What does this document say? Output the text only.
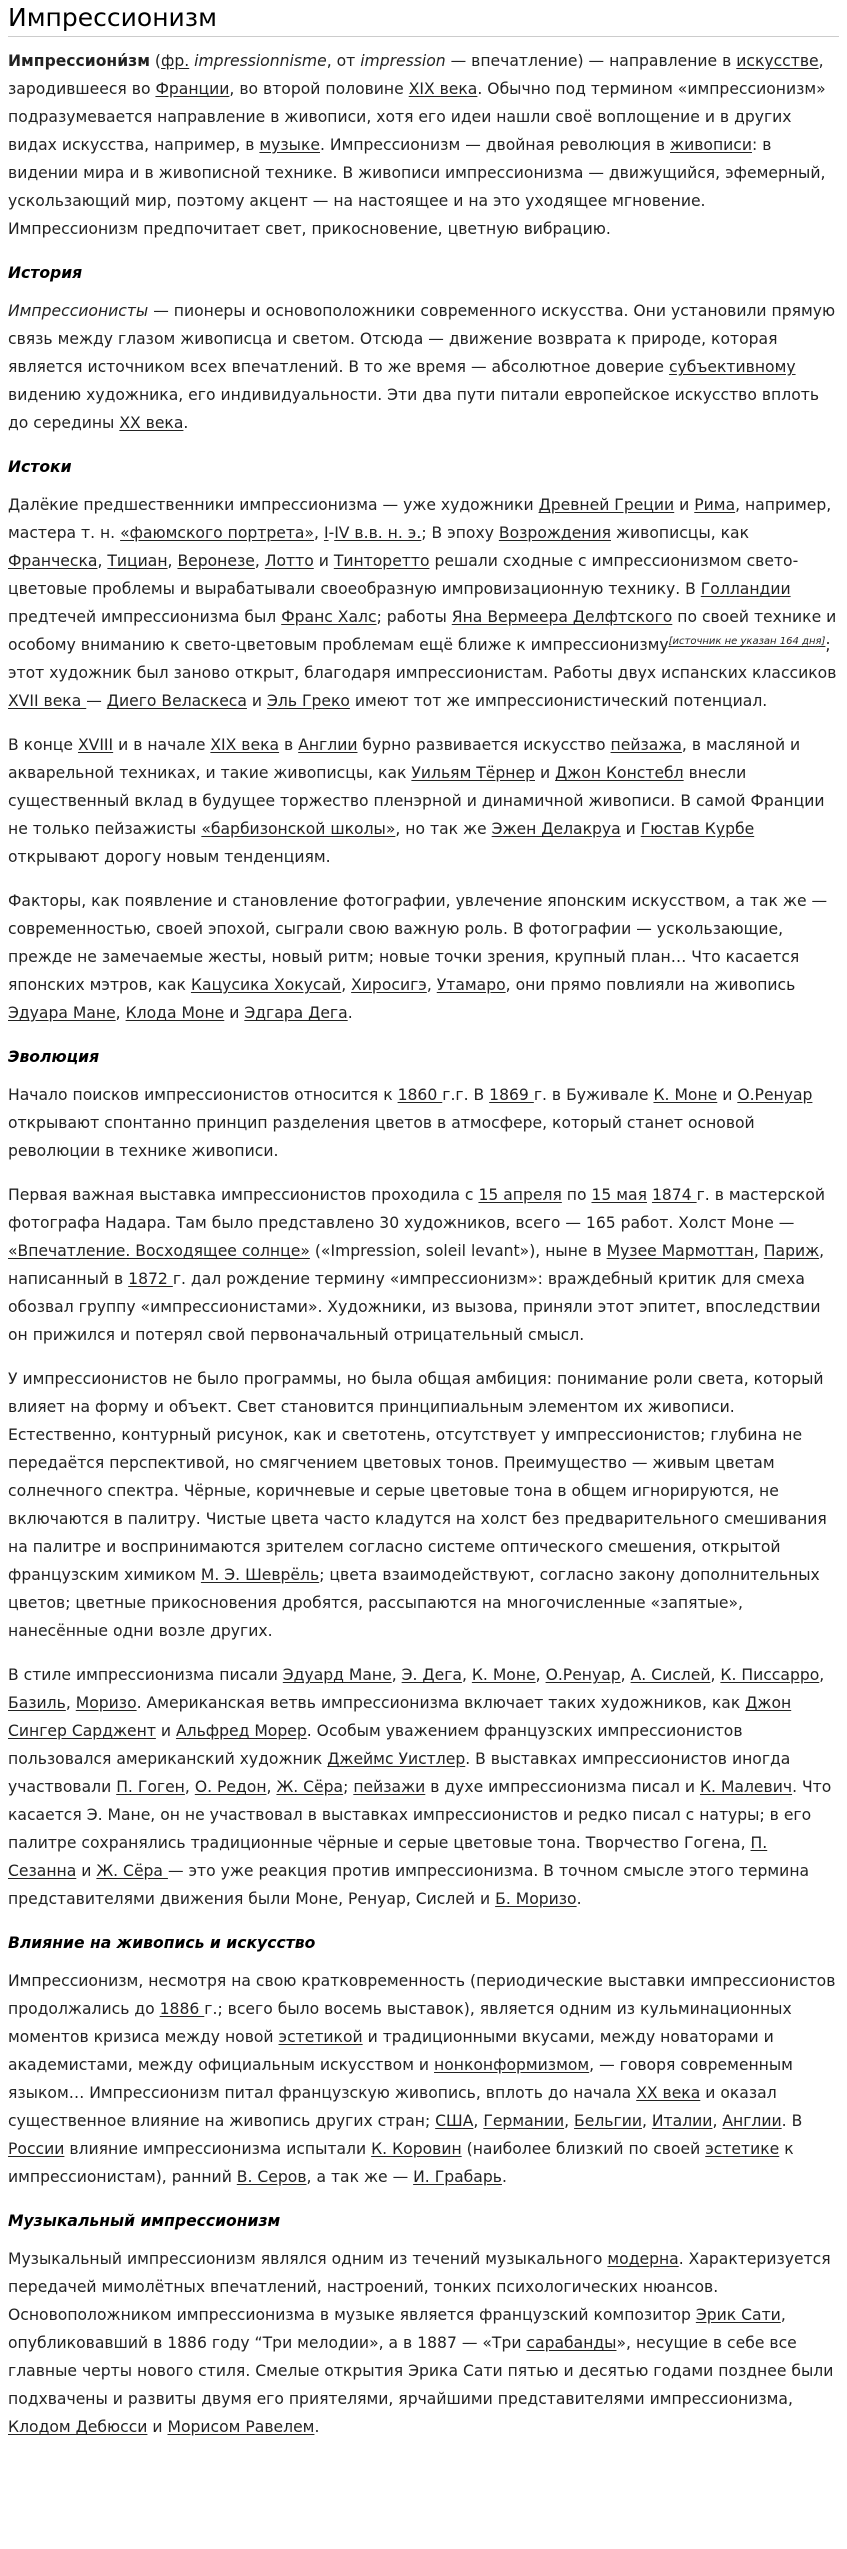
Импрессионизм

Импрессиони́зм (фр. impressionnisme, от impression — впечатление) — направление в искусстве, зародившееся во Франции, во второй половине XIX века. Обычно под термином «импрессионизм» подразумевается направление в живописи, хотя его идеи нашли своё воплощение и в других видах искусства, например, в музыке. Импрессионизм — двойная революция в живописи: в видении мира и в живописной технике. В живописи импрессионизма — движущийся, эфемерный, ускользающий мир, поэтому акцент — на настоящее и на это уходящее мгновение. Импрессионизм предпочитает свет, прикосновение, цветную вибрацию.

История

Импрессионисты — пионеры и основоположники современного искусства. Они установили прямую связь между глазом живописца и светом. Отсюда — движение возврата к природе, которая является источником всех впечатлений. В то же время — абсолютное доверие субъективному видению художника, его индивидуальности. Эти два пути питали европейское искусство вплоть до середины XX века.

Истоки

Далёкие предшественники импрессионизма — уже художники Древней Греции и Рима, например, мастера т. н. «фаюмского портрета», I-IV в.в. н. э.; В эпоху Возрождения живописцы, как Франческа, Тициан, Веронезе, Лотто и Тинторетто решали сходные с импрессионизмом свето-цветовые проблемы и вырабатывали своеобразную импровизационную технику. В Голландии предтечей импрессионизма был Франс Халс; работы Яна Вермеера Делфтского по своей технике и особому вниманию к свето-цветовым проблемам ещё ближе к импрессионизму[источник не указан 164 дня]; этот художник был заново открыт, благодаря импрессионистам. Работы двух испанских классиков XVII века — Диего Веласкеса и Эль Греко имеют тот же импрессионистический потенциал.

В конце XVIII и в начале XIX века в Англии бурно развивается искусство пейзажа, в масляной и акварельной техниках, и такие живописцы, как Уильям Тёрнер и Джон Констебл внесли существенный вклад в будущее торжество пленэрной и динамичной живописи. В самой Франции не только пейзажисты «барбизонской школы», но так же Эжен Делакруа и Гюстав Курбе открывают дорогу новым тенденциям.

Факторы, как появление и становление фотографии, увлечение японским искусством, а так же — современностью, своей эпохой, сыграли свою важную роль. В фотографии — ускользающие, прежде не замечаемые жесты, новый ритм; новые точки зрения, крупный план… Что касается японских мэтров, как Кацусика Хокусай, Хиросигэ, Утамаро, они прямо повлияли на живопись Эдуара Мане, Клода Моне и Эдгара Дега.

Эволюция

Начало поисков импрессионистов относится к 1860 г.г. В 1869 г. в Буживале К. Моне и О.Ренуар открывают спонтанно принцип разделения цветов в атмосфере, который станет основой революции в технике живописи.

Первая важная выставка импрессионистов проходила с 15 апреля по 15 мая 1874 г. в мастерской фотографа Надара. Там было представлено 30 художников, всего — 165 работ. Холст Моне — «Впечатление. Восходящее солнце» («Impression, soleil levant»), ныне в Музее Мармоттан, Париж, написанный в 1872 г. дал рождение термину «импрессионизм»: враждебный критик для смеха обозвал группу «импрессионистами». Художники, из вызова, приняли этот эпитет, впоследствии он прижился и потерял свой первоначальный отрицательный смысл.

У импрессионистов не было программы, но была общая амбиция: понимание роли света, который влияет на форму и объект. Свет становится принципиальным элементом их живописи. Естественно, контурный рисунок, как и светотень, отсутствует у импрессионистов; глубина не передаётся перспективой, но смягчением цветовых тонов. Преимущество — живым цветам солнечного спектра. Чёрные, коричневые и серые цветовые тона в общем игнорируются, не включаются в палитру. Чистые цвета часто кладутся на холст без предварительного смешивания на палитре и воспринимаются зрителем согласно системе оптического смешения, открытой французским химиком М. Э. Шеврёль; цвета взаимодействуют, согласно закону дополнительных цветов; цветные прикосновения дробятся, рассыпаются на многочисленные «запятые», нанесённые одни возле других.

В стиле импрессионизма писали Эдуард Мане, Э. Дега, К. Моне, О.Ренуар, А. Сислей, К. Писсарро, Базиль, Моризо. Американская ветвь импрессионизма включает таких художников, как Джон Сингер Сарджент и Альфред Морер. Особым уважением французских импрессионистов пользовался американский художник Джеймс Уистлер. В выставках импрессионистов иногда участвовали П. Гоген, О. Редон, Ж. Сёра; пейзажи в духе импрессионизма писал и К. Малевич. Что касается Э. Мане, он не участвовал в выставках импрессионистов и редко писал с натуры; в его палитре сохранялись традиционные чёрные и серые цветовые тона. Творчество Гогена, П. Сезанна и Ж. Сёра — это уже реакция против импрессионизма. В точном смысле этого термина представителями движения были Моне, Ренуар, Сислей и Б. Моризо.

Влияние на живопись и искусство

Импрессионизм, несмотря на свою кратковременность (периодические выставки импрессионистов продолжались до 1886 г.; всего было восемь выставок), является одним из кульминационных моментов кризиса между новой эстетикой и традиционными вкусами, между новаторами и академистами, между официальным искусством и нонконформизмом, — говоря современным языком… Импрессионизм питал французскую живопись, вплоть до начала XX века и оказал существенное влияние на живопись других стран; США, Германии, Бельгии, Италии, Англии. В России влияние импрессионизма испытали К. Коровин (наиболее близкий по своей эстетике к импрессионистам), ранний В. Серов, а так же — И. Грабарь.

Музыкальный импрессионизм

Музыкальный импрессионизм являлся одним из течений музыкального модерна. Характеризуется передачей мимолётных впечатлений, настроений, тонких психологических нюансов. Основоположником импрессионизма в музыке является французский композитор Эрик Сати, опубликовавший в 1886 году “Три мелодии», а в 1887 — «Три сарабанды», несущие в себе все главные черты нового стиля. Смелые открытия Эрика Сати пятью и десятью годами позднее были подхвачены и развиты двумя его приятелями, ярчайшими представителями импрессионизма, Клодом Дебюсси и Морисом Равелем.
